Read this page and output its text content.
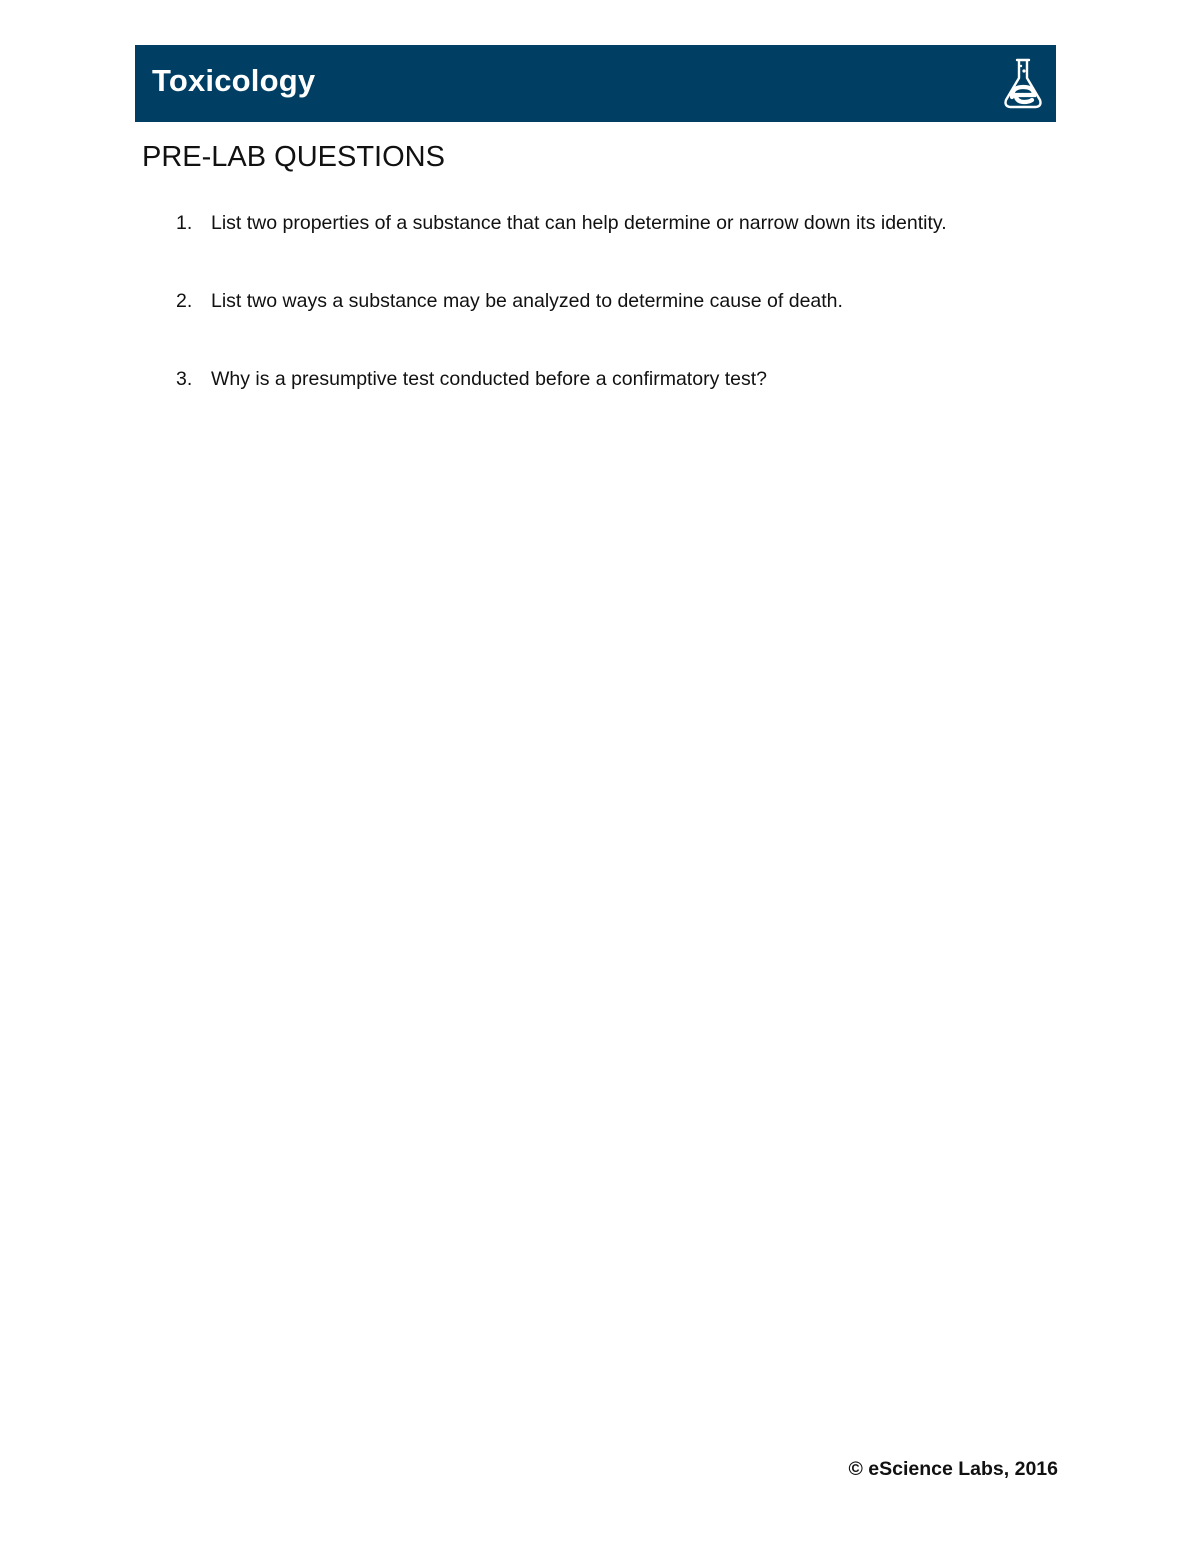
Toxicology
PRE-LAB QUESTIONS
1. List two properties of a substance that can help determine or narrow down its identity.
2. List two ways a substance may be analyzed to determine cause of death.
3. Why is a presumptive test conducted before a confirmatory test?
© eScience Labs, 2016
